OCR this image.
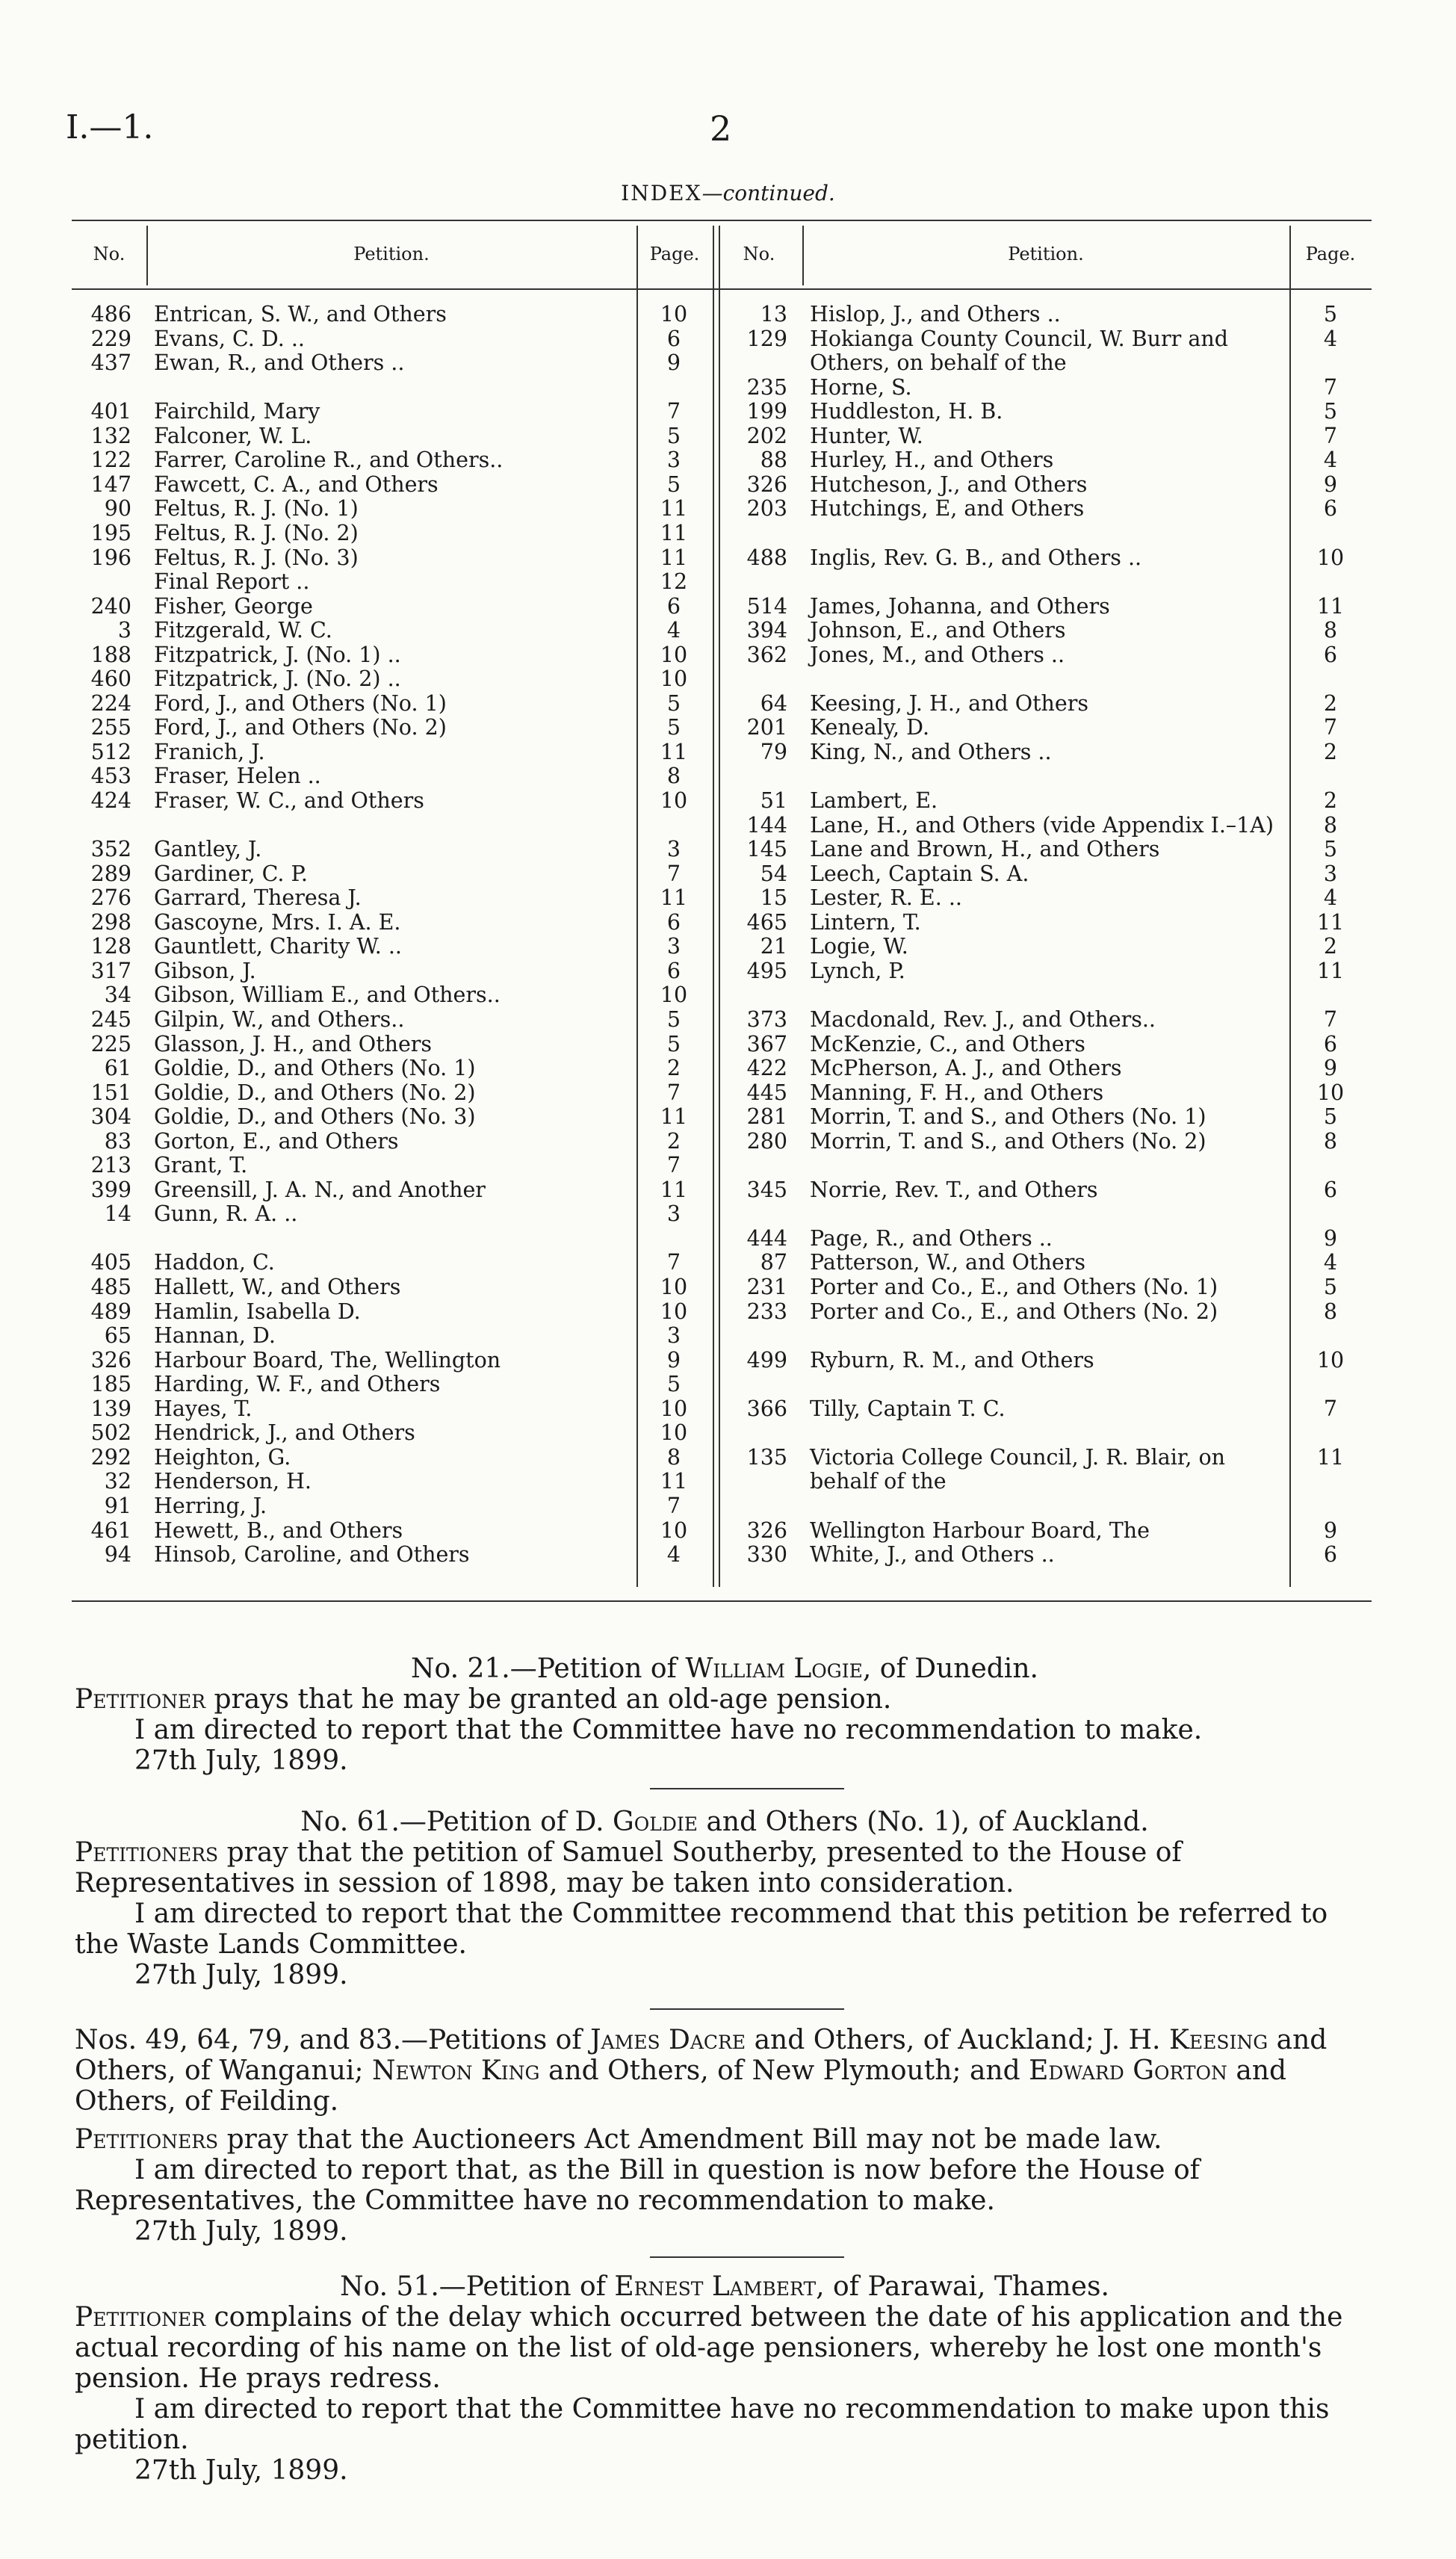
I.—1.	2
INDEX—continued.
No.	Petition.	Page.	No.	Petition.	Page.
486 Entrican, S. W., and Others	10
229 Evans, C. D. ..	6
437 Ewan, R., and Others ..	9
401 Fairchild, Mary	7
132 Falconer, W. L.	5
122 Farrer, Caroline R., and Others..	3
147 Fawcett, C. A., and Others	5
90 Feltus, R. J. (No. 1)	11
195 Feltus, R. J. (No. 2)	11
196 Feltus, R. J. (No. 3)	11
Final Report ..	12
240 Fisher, George	6
3 Fitzgerald, W. C.	4
188 Fitzpatrick, J. (No. 1) ..	10
460 Fitzpatrick, J. (No. 2) ..	10
224 Ford, J., and Others (No. 1)	5
255 Ford, J., and Others (No. 2)	5
512 Franich, J.	11
453 Fraser, Helen ..	8
424 Fraser, W. C., and Others	10
352 Gantley, J.	3
289 Gardiner, C. P.	7
276 Garrard, Theresa J.	11
298 Gascoyne, Mrs. I. A. E.	6
128 Gauntlett, Charity W. ..	3
317 Gibson, J.	6
34 Gibson, William E., and Others..	10
245 Gilpin, W., and Others..	5
225 Glasson, J. H., and Others	5
61 Goldie, D., and Others (No. 1)	2
151 Goldie, D., and Others (No. 2)	7
304 Goldie, D., and Others (No. 3)	11
83 Gorton, E., and Others	2
213 Grant, T.	7
399 Greensill, J. A. N., and Another	11
14 Gunn, R. A. ..	3
405 Haddon, C.	7
485 Hallett, W., and Others	10
489 Hamlin, Isabella D.	10
65 Hannan, D.	3
326 Harbour Board, The, Wellington	9
185 Harding, W. F., and Others	5
139 Hayes, T.	10
502 Hendrick, J., and Others	10
292 Heighton, G.	8
32 Henderson, H.	11
91 Herring, J.	7
461 Hewett, B., and Others	10
94 Hinsob, Caroline, and Others	4
13 Hislop, J., and Others ..	5
129 Hokianga County Council, W. Burr and	4
Others, on behalf of the
235 Horne, S.	7
199 Huddleston, H. B.	5
202 Hunter, W.	7
88 Hurley, H., and Others	4
326 Hutcheson, J., and Others	9
203 Hutchings, E, and Others	6
488 Inglis, Rev. G. B., and Others ..	10
514 James, Johanna, and Others	11
394 Johnson, E., and Others	8
362 Jones, M., and Others ..	6
64 Keesing, J. H., and Others	2
201 Kenealy, D.	7
79 King, N., and Others ..	2
51 Lambert, E.	2
144 Lane, H., and Others (vide Appendix I.–1A)	8
145 Lane and Brown, H., and Others	5
54 Leech, Captain S. A.	3
15 Lester, R. E. ..	4
465 Lintern, T.	11
21 Logie, W.	2
495 Lynch, P.	11
373 Macdonald, Rev. J., and Others..	7
367 McKenzie, C., and Others	6
422 McPherson, A. J., and Others	9
445 Manning, F. H., and Others	10
281 Morrin, T. and S., and Others (No. 1)	5
280 Morrin, T. and S., and Others (No. 2)	8
345 Norrie, Rev. T., and Others	6
444 Page, R., and Others ..	9
87 Patterson, W., and Others	4
231 Porter and Co., E., and Others (No. 1)	5
233 Porter and Co., E., and Others (No. 2)	8
499 Ryburn, R. M., and Others	10
366 Tilly, Captain T. C.	7
135 Victoria College Council, J. R. Blair, on	11
behalf of the
326 Wellington Harbour Board, The	9
330 White, J., and Others ..	6
No. 21.—Petition of William Logie, of Dunedin.
Petitioner prays that he may be granted an old-age pension.
I am directed to report that the Committee have no recommendation to make.
27th July, 1899.
No. 61.—Petition of D. Goldie and Others (No. 1), of Auckland.
Petitioners pray that the petition of Samuel Southerby, presented to the House of Representatives in session of 1898, may be taken into consideration.
I am directed to report that the Committee recommend that this petition be referred to the Waste Lands Committee.
27th July, 1899.
Nos. 49, 64, 79, and 83.—Petitions of James Dacre and Others, of Auckland; J. H. Keesing and Others, of Wanganui; Newton King and Others, of New Plymouth; and Edward Gorton and Others, of Feilding.
Petitioners pray that the Auctioneers Act Amendment Bill may not be made law.
I am directed to report that, as the Bill in question is now before the House of Representatives, the Committee have no recommendation to make.
27th July, 1899.
No. 51.—Petition of Ernest Lambert, of Parawai, Thames.
Petitioner complains of the delay which occurred between the date of his application and the actual recording of his name on the list of old-age pensioners, whereby he lost one month's pension. He prays redress.
I am directed to report that the Committee have no recommendation to make upon this petition.
27th July, 1899.
